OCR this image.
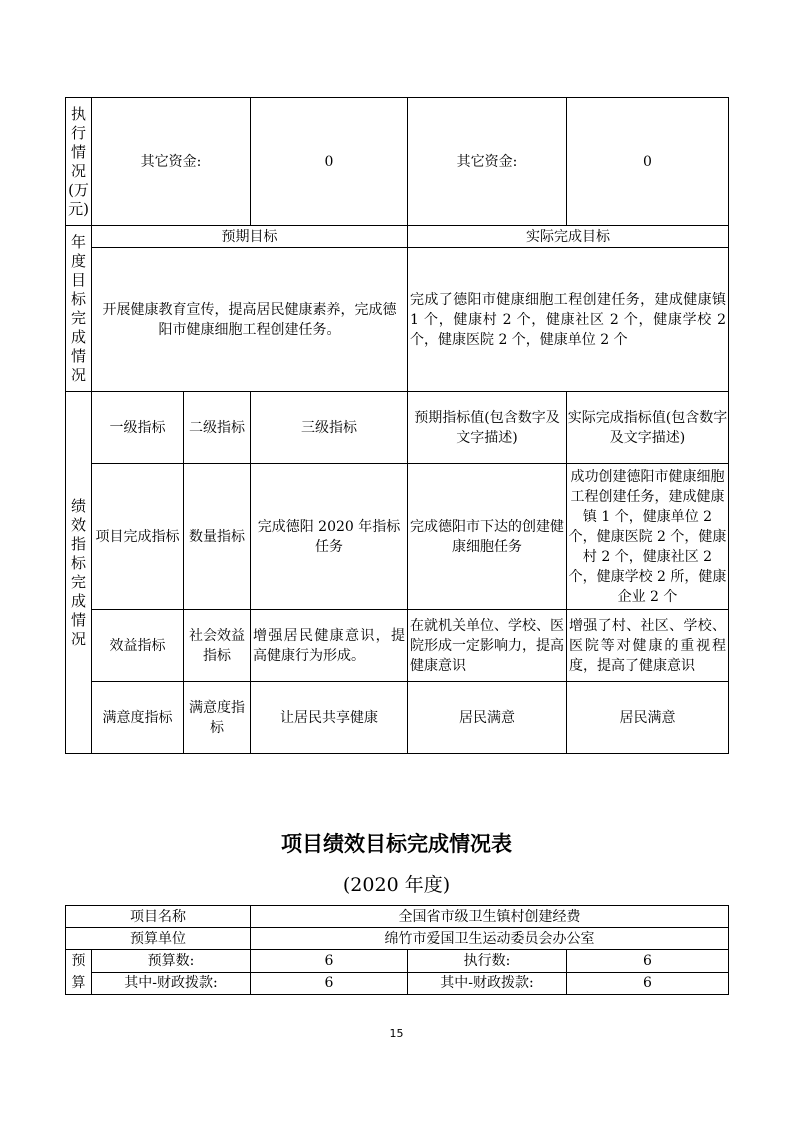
执行情况(万元)	其它资金:		0	其它资金:	0
年度目标完成情况	预期目标			实际完成目标	
	开展健康教育宣传，提高居民健康素养，完成德阳市健康细胞工程创建任务。			完成了德阳市健康细胞工程创建任务，建成健康镇 1 个，健康村 2 个，健康社区 2 个，健康学校 2 个，健康医院 2 个，健康单位 2 个	
绩效指标完成情况	一级指标	二级指标	三级指标	预期指标值(包含数字及文字描述)	实际完成指标值(包含数字及文字描述)
	项目完成指标	数量指标	完成德阳 2020 年指标任务	完成德阳市下达的创建健康细胞任务	成功创建德阳市健康细胞工程创建任务，建成健康镇 1 个，健康单位 2 个，健康医院 2 个，健康村 2 个，健康社区 2 个，健康学校 2 所，健康企业 2 个
	效益指标	社会效益指标	增强居民健康意识，提高健康行为形成。	在就机关单位、学校、医院形成一定影响力，提高健康意识	增强了村、社区、学校、医院等对健康的重视程度，提高了健康意识
	满意度指标	满意度指标	让居民共享健康	居民满意	居民满意
项目绩效目标完成情况表
(2020 年度)
项目名称		全国省市级卫生镇村创建经费		
预算单位		绵竹市爱国卫生运动委员会办公室		
预算	预算数:	6	执行数:	6
	其中-财政拨款:	6	其中-财政拨款:	6
15
